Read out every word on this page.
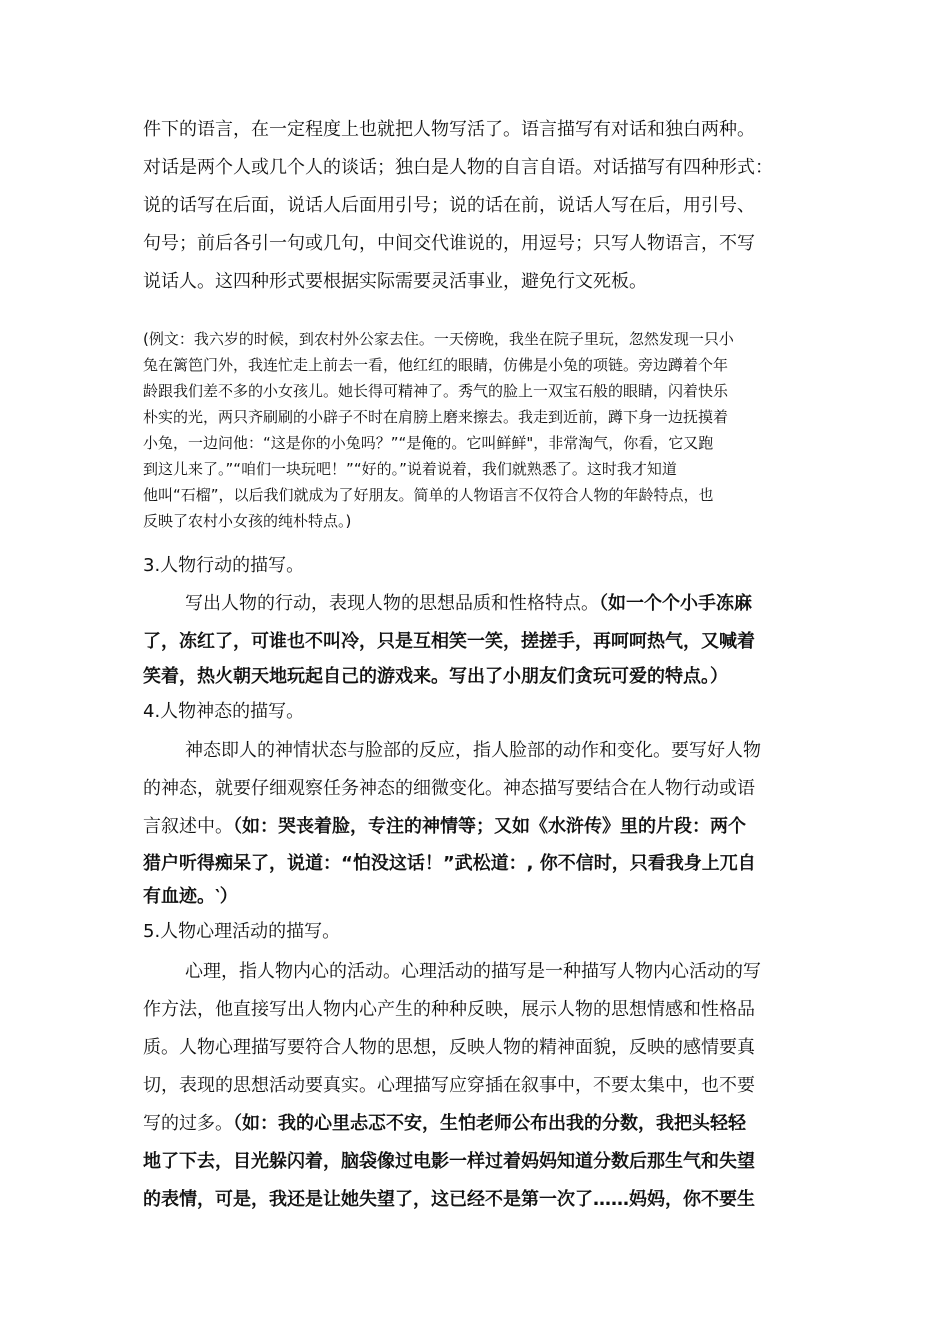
件下的语言，在一定程度上也就把人物写活了。语言描写有对话和独白两种。
对话是两个人或几个人的谈话；独白是人物的自言自语。对话描写有四种形式：
说的话写在后面，说话人后面用引号；说的话在前，说话人写在后，用引号、
句号；前后各引一句或几句，中间交代谁说的，用逗号；只写人物语言，不写
说话人。这四种形式要根据实际需要灵活事业，避免行文死板。
(例文：我六岁的时候，到农村外公家去住。一天傍晚，我坐在院子里玩，忽然发现一只小
兔在篱笆门外，我连忙走上前去一看，他红红的眼睛，仿佛是小兔的项链。旁边蹲着个年
龄跟我们差不多的小女孩儿。她长得可精神了。秀气的脸上一双宝石般的眼睛，闪着快乐
朴实的光，两只齐刷刷的小辟子不时在肩膀上磨来擦去。我走到近前，蹲下身一边抚摸着
小兔，一边问他：“这是你的小兔吗？”“是俺的。它叫鲜鲜"，非常淘气，你看，它又跑
到这儿来了。”“咱们一块玩吧！”“好的。”说着说着，我们就熟悉了。这时我才知道
他叫“石榴”，以后我们就成为了好朋友。简单的人物语言不仅符合人物的年龄特点，也
反映了农村小女孩的纯朴特点。)
3.人物行动的描写。
写出人物的行动，表现人物的思想品质和性格特点。（如一个个小手冻麻
了，冻红了，可谁也不叫冷，只是互相笑一笑，搓搓手，再呵呵热气，又喊着
笑着，热火朝天地玩起自己的游戏来。写出了小朋友们贪玩可爱的特点。）
4.人物神态的描写。
神态即人的神情状态与脸部的反应，指人脸部的动作和变化。要写好人物
的神态，就要仔细观察任务神态的细微变化。神态描写要结合在人物行动或语
言叙述中。（如：哭丧着脸，专注的神情等；又如《水浒传》里的片段：两个
猎户听得痴呆了，说道：“怕没这话！”武松道：, 你不信时，只看我身上兀自
有血迹。‵）
5.人物心理活动的描写。
心理，指人物内心的活动。心理活动的描写是一种描写人物内心活动的写
作方法，他直接写出人物内心产生的种种反映，展示人物的思想情感和性格品
质。人物心理描写要符合人物的思想，反映人物的精神面貌，反映的感情要真
切，表现的思想活动要真实。心理描写应穿插在叙事中，不要太集中，也不要
写的过多。（如：我的心里忐忑不安，生怕老师公布出我的分数，我把头轻轻
地了下去，目光躲闪着，脑袋像过电影一样过着妈妈知道分数后那生气和失望
的表情，可是，我还是让她失望了，这已经不是第一次了……妈妈，你不要生
